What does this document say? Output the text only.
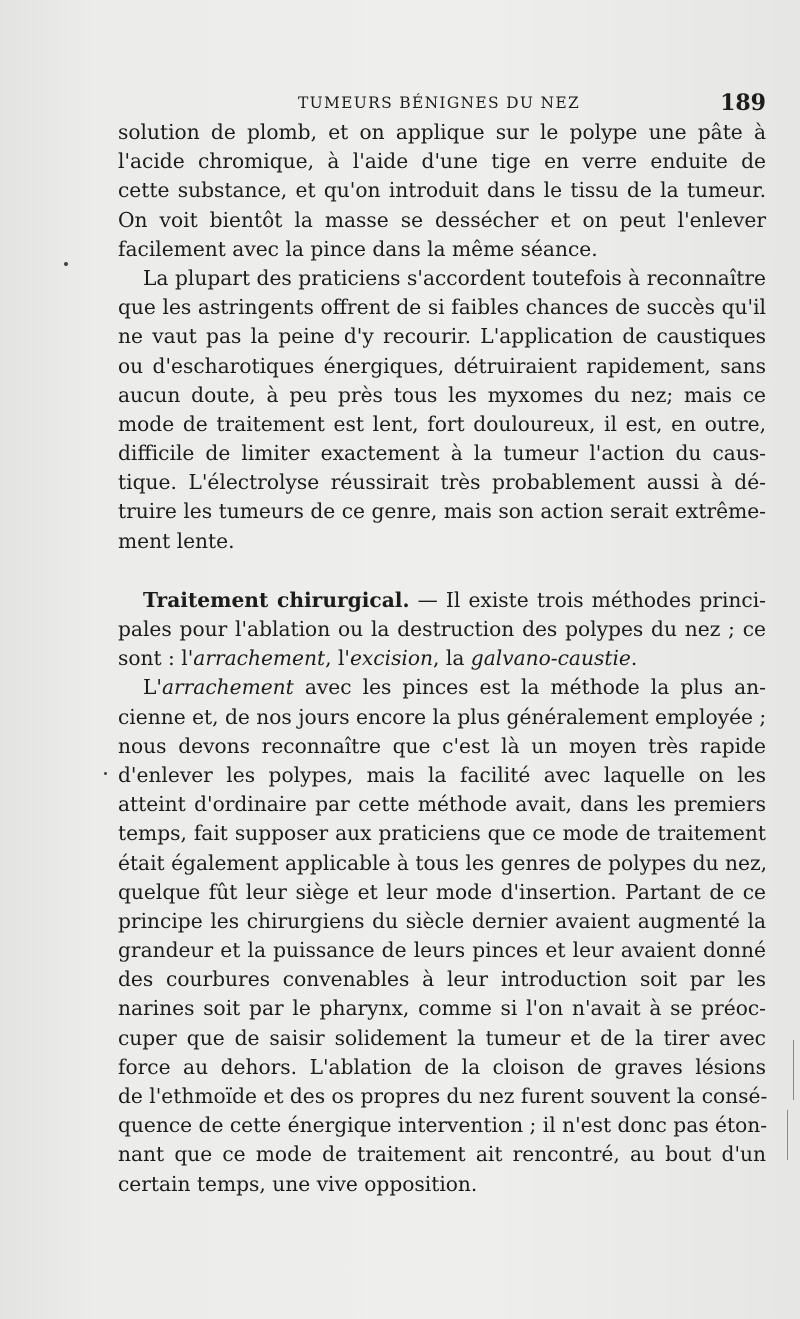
TUMEURS BÉNIGNES DU NEZ	189
solution de plomb, et on applique sur le polype une pâte à
l'acide chromique, à l'aide d'une tige en verre enduite de
cette substance, et qu'on introduit dans le tissu de la tumeur.
On voit bientôt la masse se dessécher et on peut l'enlever
facilement avec la pince dans la même séance.
La plupart des praticiens s'accordent toutefois à reconnaître
que les astringents offrent de si faibles chances de succès qu'il
ne vaut pas la peine d'y recourir. L'application de caustiques
ou d'escharotiques énergiques, détruiraient rapidement, sans
aucun doute, à peu près tous les myxomes du nez; mais ce
mode de traitement est lent, fort douloureux, il est, en outre,
difficile de limiter exactement à la tumeur l'action du caus-
tique. L'électrolyse réussirait très probablement aussi à dé-
truire les tumeurs de ce genre, mais son action serait extrême-
ment lente.
Traitement chirurgical. — Il existe trois méthodes princi-
pales pour l'ablation ou la destruction des polypes du nez ; ce
sont : l'arrachement, l'excision, la galvano-caustie.
L'arrachement avec les pinces est la méthode la plus an-
cienne et, de nos jours encore la plus généralement employée ;
nous devons reconnaître que c'est là un moyen très rapide
d'enlever les polypes, mais la facilité avec laquelle on les
atteint d'ordinaire par cette méthode avait, dans les premiers
temps, fait supposer aux praticiens que ce mode de traitement
était également applicable à tous les genres de polypes du nez,
quelque fût leur siège et leur mode d'insertion. Partant de ce
principe les chirurgiens du siècle dernier avaient augmenté la
grandeur et la puissance de leurs pinces et leur avaient donné
des courbures convenables à leur introduction soit par les
narines soit par le pharynx, comme si l'on n'avait à se préoc-
cuper que de saisir solidement la tumeur et de la tirer avec
force au dehors. L'ablation de la cloison de graves lésions
de l'ethmoïde et des os propres du nez furent souvent la consé-
quence de cette énergique intervention ; il n'est donc pas éton-
nant que ce mode de traitement ait rencontré, au bout d'un
certain temps, une vive opposition.
